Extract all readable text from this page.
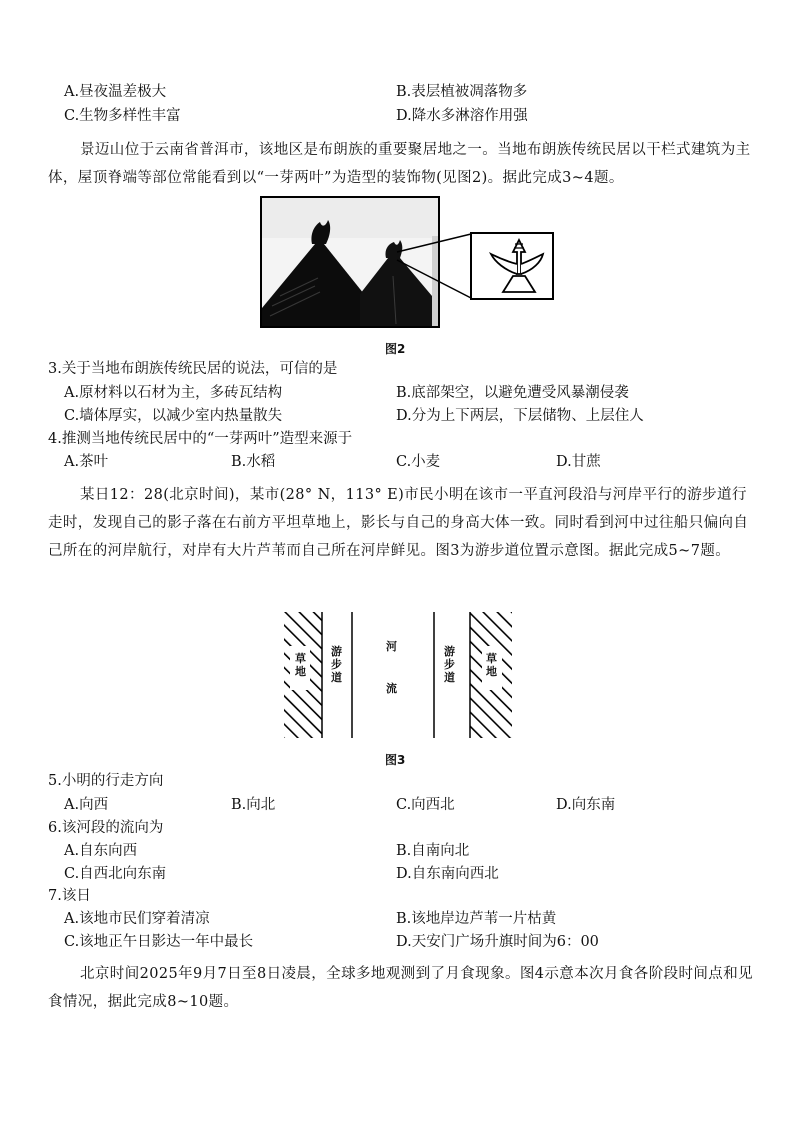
A.昼夜温差极大	B.表层植被凋落物多
C.生物多样性丰富	D.降水多淋溶作用强
景迈山位于云南省普洱市，该地区是布朗族的重要聚居地之一。当地布朗族传统民居以干栏式建筑为主体，屋顶脊端等部位常能看到以“一芽两叶”为造型的装饰物(见图2)。据此完成3~4题。
图2
3.关于当地布朗族传统民居的说法，可信的是
A.原材料以石材为主，多砖瓦结构	B.底部架空，以避免遭受风暴潮侵袭
C.墙体厚实，以减少室内热量散失	D.分为上下两层，下层储物、上层住人
4.推测当地传统民居中的“一芽两叶”造型来源于
A.茶叶	B.水稻	C.小麦	D.甘蔗
某日12：28(北京时间)，某市(28° N，113° E)市民小明在该市一平直河段沿与河岸平行的游步道行走时，发现自己的影子落在右前方平坦草地上，影长与自己的身高大体一致。同时看到河中过往船只偏向自己所在的河岸航行，对岸有大片芦苇而自己所在河岸鲜见。图3为游步道位置示意图。据此完成5~7题。
草地
游步道
河
流
游步道
草地
图3
5.小明的行走方向
A.向西	B.向北	C.向西北	D.向东南
6.该河段的流向为
A.自东向西	B.自南向北
C.自西北向东南	D.自东南向西北
7.该日
A.该地市民们穿着清凉	B.该地岸边芦苇一片枯黄
C.该地正午日影达一年中最长	D.天安门广场升旗时间为6：00
北京时间2025年9月7日至8日凌晨，全球多地观测到了月食现象。图4示意本次月食各阶段时间点和见食情况，据此完成8~10题。
